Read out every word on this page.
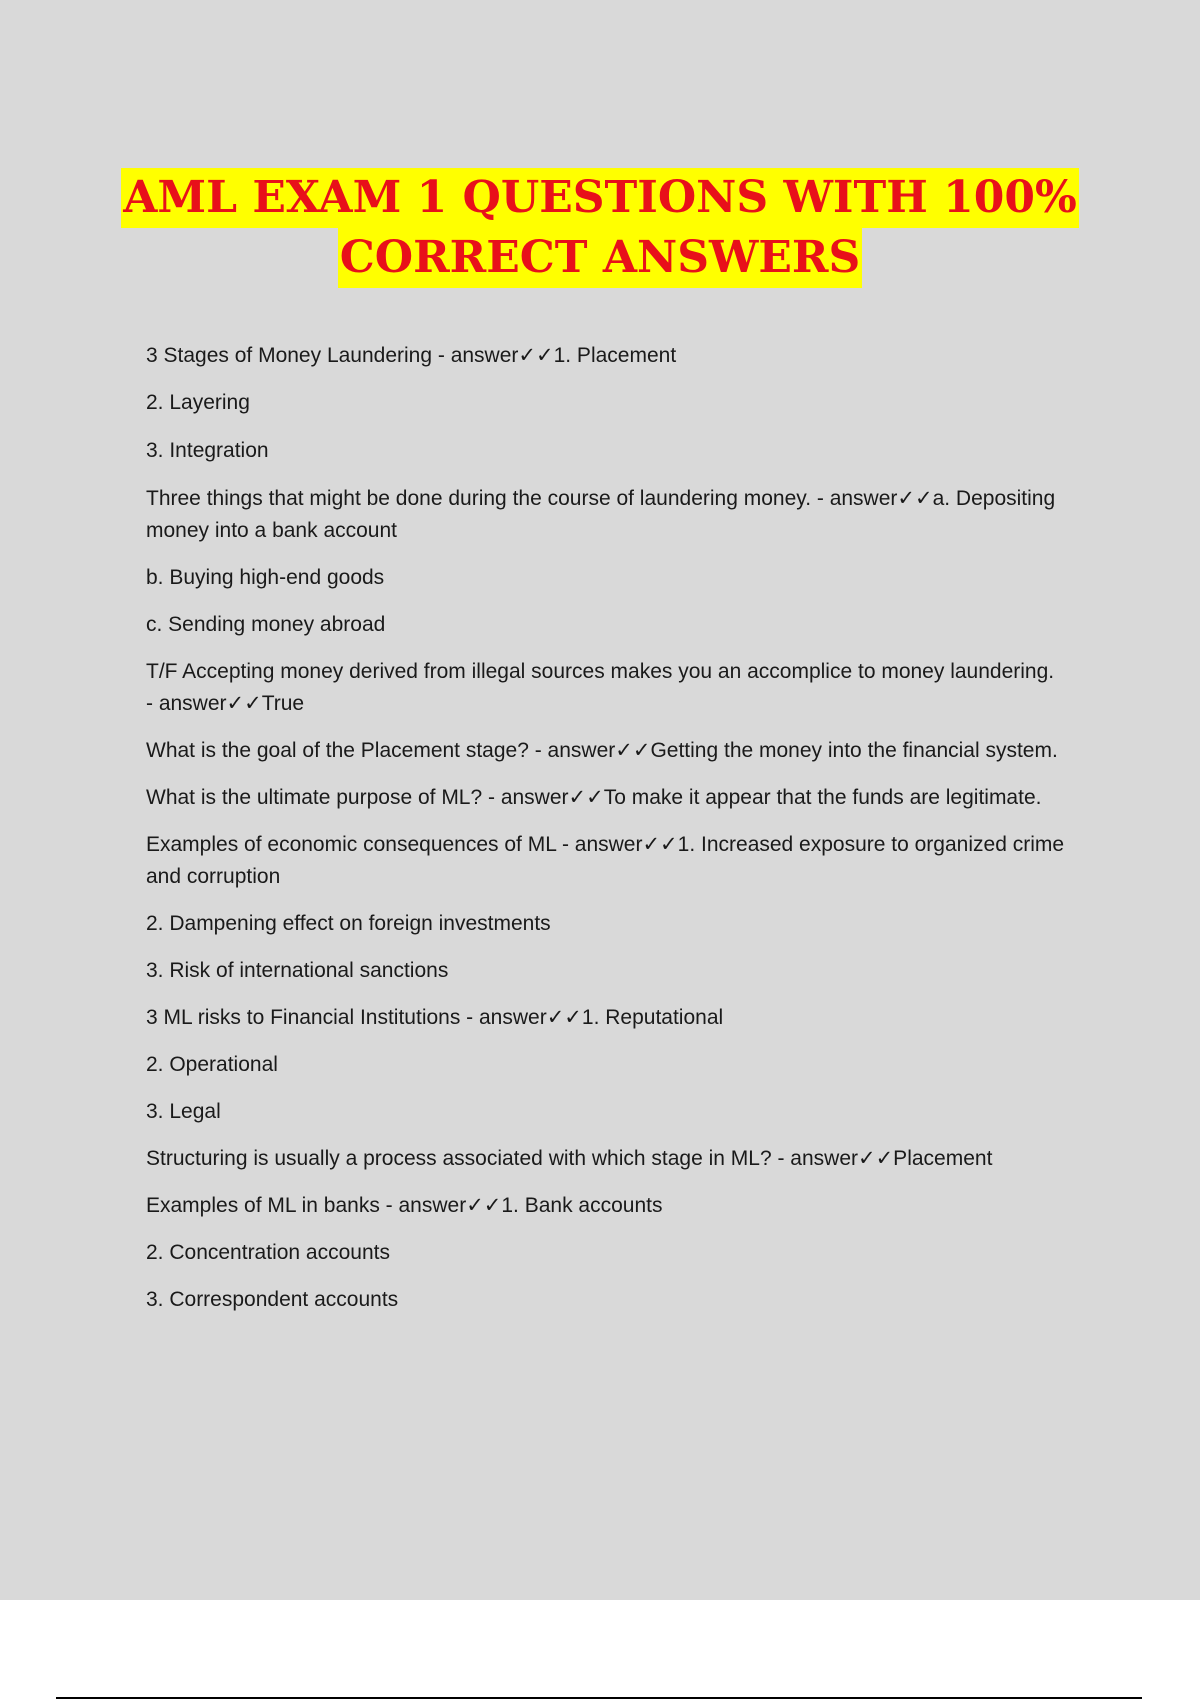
AML EXAM 1 QUESTIONS WITH 100%
CORRECT ANSWERS

3 Stages of Money Laundering - answer✓✓1. Placement

2. Layering

3. Integration

Three things that might be done during the course of laundering money. - answer✓✓a. Depositing money into a bank account

b. Buying high-end goods

c. Sending money abroad

T/F Accepting money derived from illegal sources makes you an accomplice to money laundering. - answer✓✓True

What is the goal of the Placement stage? - answer✓✓Getting the money into the financial system.

What is the ultimate purpose of ML? - answer✓✓To make it appear that the funds are legitimate.

Examples of economic consequences of ML - answer✓✓1. Increased exposure to organized crime and corruption

2. Dampening effect on foreign investments

3. Risk of international sanctions

3 ML risks to Financial Institutions - answer✓✓1. Reputational

2. Operational

3. Legal

Structuring is usually a process associated with which stage in ML? - answer✓✓Placement

Examples of ML in banks - answer✓✓1. Bank accounts

2. Concentration accounts

3. Correspondent accounts
